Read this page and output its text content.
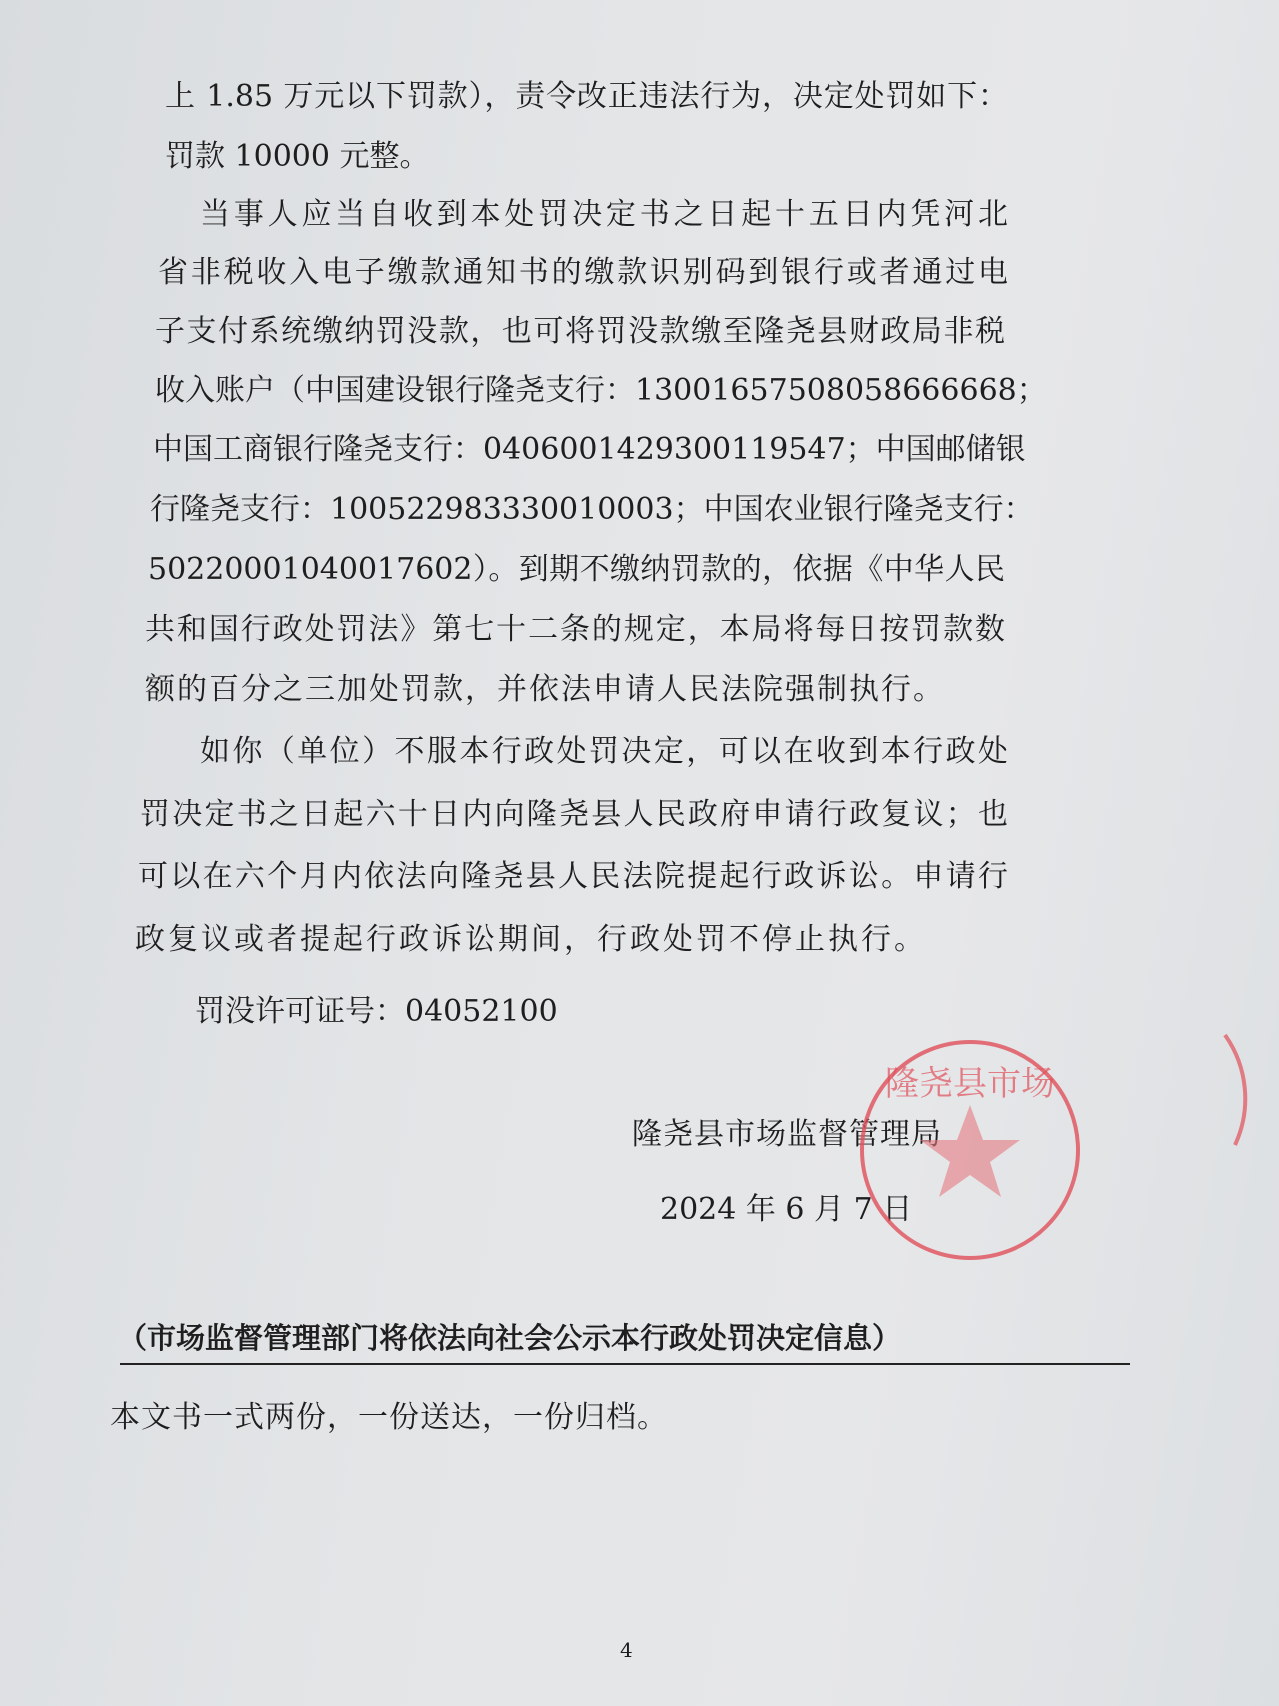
上 1.85 万元以下罚款），责令改正违法行为，决定处罚如下：
罚款 10000 元整。
当事人应当自收到本处罚决定书之日起十五日内凭河北
省非税收入电子缴款通知书的缴款识别码到银行或者通过电
子支付系统缴纳罚没款，也可将罚没款缴至隆尧县财政局非税
收入账户（中国建设银行隆尧支行：13001657508058666668；
中国工商银行隆尧支行：0406001429300119547；中国邮储银
行隆尧支行：100522983330010003；中国农业银行隆尧支行：
50220001040017602）。到期不缴纳罚款的，依据《中华人民
共和国行政处罚法》第七十二条的规定，本局将每日按罚款数
额的百分之三加处罚款，并依法申请人民法院强制执行。
如你（单位）不服本行政处罚决定，可以在收到本行政处
罚决定书之日起六十日内向隆尧县人民政府申请行政复议；也
可以在六个月内依法向隆尧县人民法院提起行政诉讼。申请行
政复议或者提起行政诉讼期间，行政处罚不停止执行。
罚没许可证号：04052100
隆尧县市场监督管理局
2024 年 6 月 7 日
隆尧县市场
（市场监督管理部门将依法向社会公示本行政处罚决定信息）
本文书一式两份，一份送达，一份归档。
4
